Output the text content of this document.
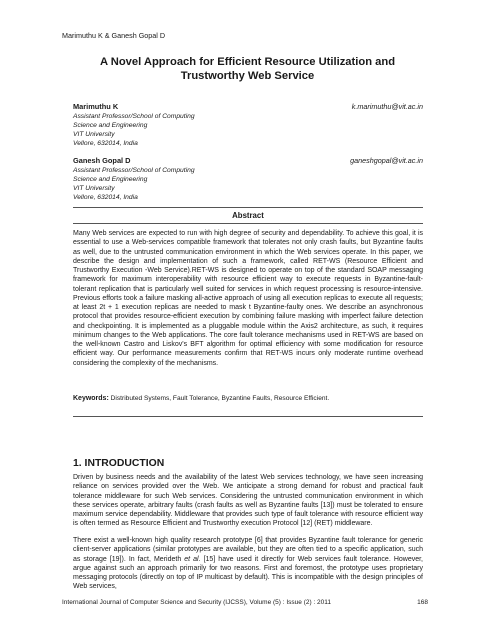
Marimuthu K & Ganesh Gopal D
A Novel Approach for Efficient Resource Utilization and
Trustworthy Web Service
Marimuthu K	k.marimuthu@vit.ac.in
Assistant Professor/School of Computing
Science and Engineering
VIT University
Vellore, 632014, India
Ganesh Gopal D	ganeshgopal@vit.ac.in
Assistant Professor/School of Computing
Science and Engineering
VIT University
Vellore, 632014, India
Abstract

Many Web services are expected to run with high degree of security and dependability. To achieve this goal, it is essential to use a Web-services compatible framework that tolerates not only crash faults, but Byzantine faults as well, due to the untrusted communication environment in which the Web services operate. In this paper, we describe the design and implementation of such a framework, called RET-WS (Resource Efficient and Trustworthy Execution -Web Service).RET-WS is designed to operate on top of the standard SOAP messaging framework for maximum interoperability with resource efficient way to execute requests in Byzantine-fault-tolerant replication that is particularly well suited for services in which request processing is resource-intensive. Previous efforts took a failure masking all-active approach of using all execution replicas to execute all requests; at least 2t + 1 execution replicas are needed to mask t Byzantine-faulty ones. We describe an asynchronous protocol that provides resource-efficient execution by combining failure masking with imperfect failure detection and checkpointing. It is implemented as a pluggable module within the Axis2 architecture, as such, it requires minimum changes to the Web applications. The core fault tolerance mechanisms used in RET-WS are based on the well-known Castro and Liskov's BFT algorithm for optimal efficiency with some modification for resource efficient way. Our performance measurements confirm that RET-WS incurs only moderate runtime overhead considering the complexity of the mechanisms.

Keywords: Distributed Systems, Fault Tolerance, Byzantine Faults, Resource Efficient.
1. INTRODUCTION

Driven by business needs and the availability of the latest Web services technology, we have seen increasing reliance on services provided over the Web. We anticipate a strong demand for robust and practical fault tolerance middleware for such Web services. Considering the untrusted communication environment in which these services operate, arbitrary faults (crash faults as well as Byzantine faults [13]) must be tolerated to ensure maximum service dependability. Middleware that provides such type of fault tolerance with resource efficient way is often termed as Resource Efficient and Trustworthy execution Protocol [12] (RET) middleware.

There exist a well-known high quality research prototype [6] that provides Byzantine fault tolerance for generic client-server applications (similar prototypes are available, but they are often tied to a specific application, such as storage [19]). In fact, Merideth et al. [15] have used it directly for Web services fault tolerance. However, argue against such an approach primarily for two reasons. First and foremost, the prototype uses proprietary messaging protocols (directly on top of IP multicast by default). This is incompatible with the design principles of Web services,

International Journal of Computer Science and Security (IJCSS), Volume (5) : Issue (2) : 2011	168
